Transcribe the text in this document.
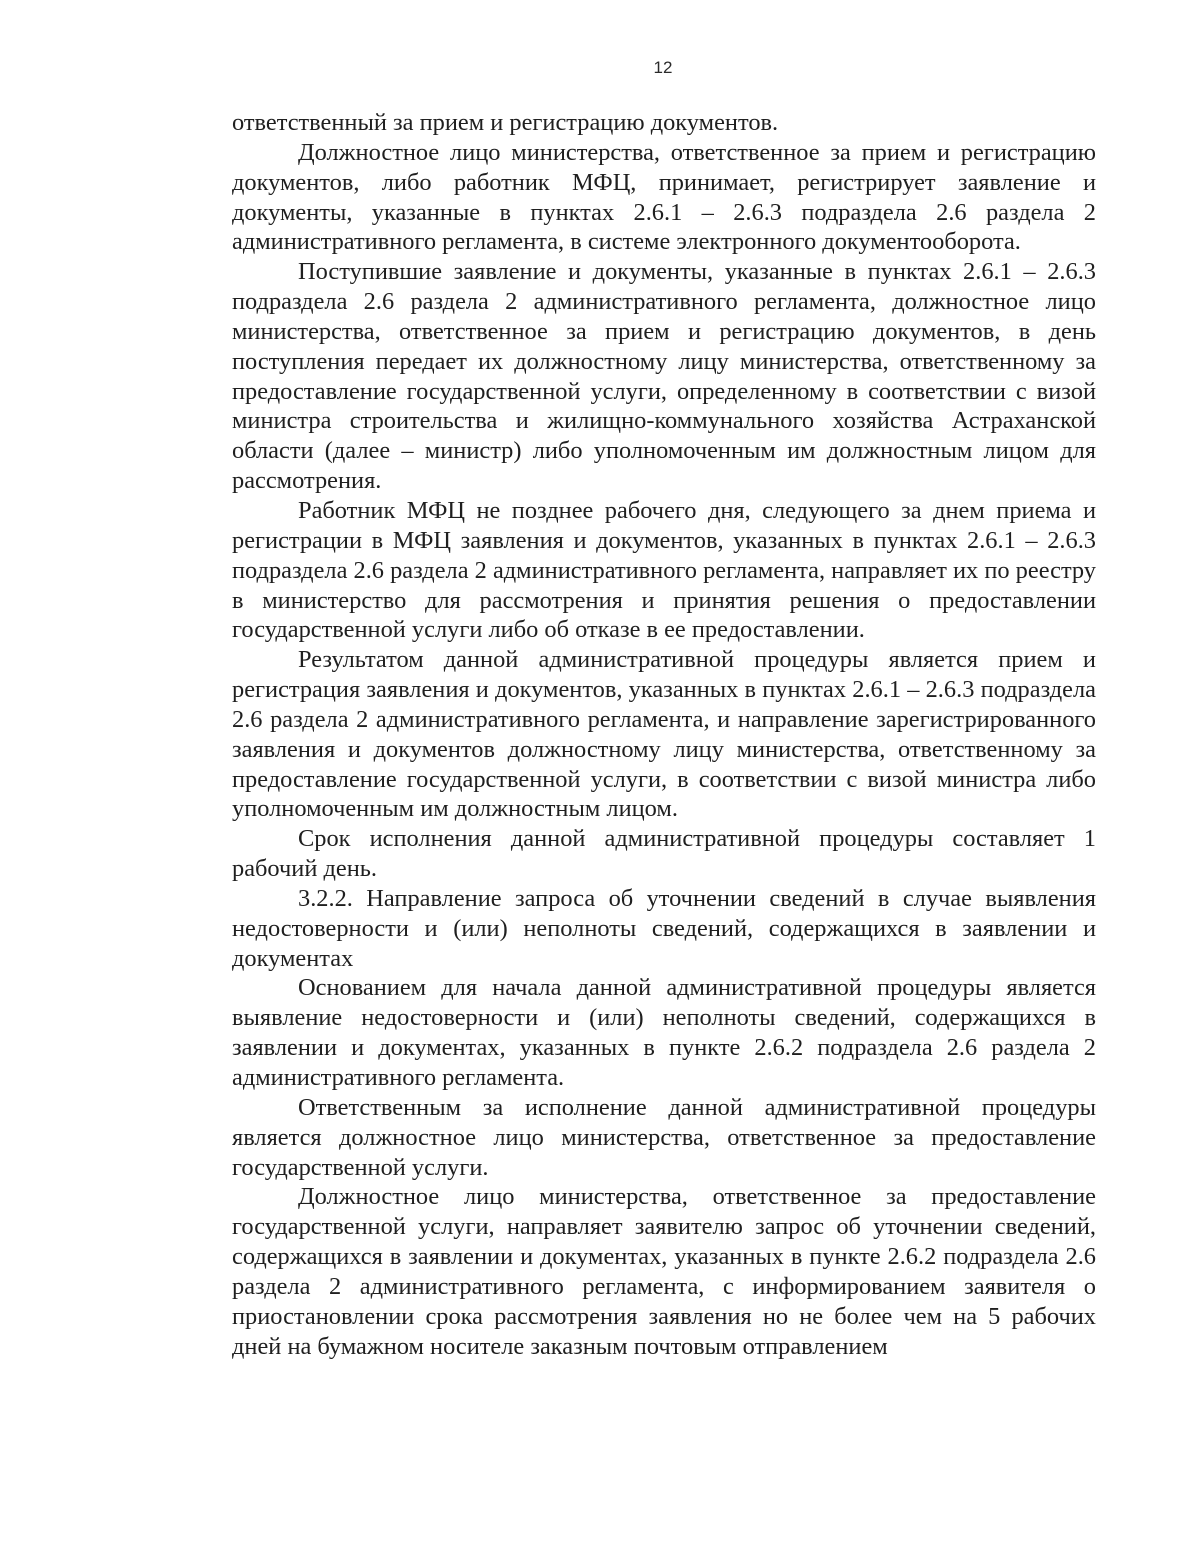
12

ответственный за прием и регистрацию документов.

Должностное лицо министерства, ответственное за прием и регистрацию документов, либо работник МФЦ, принимает, регистрирует заявление и документы, указанные в пунктах 2.6.1 – 2.6.3 подраздела 2.6 раздела 2 административного регламента, в системе электронного документооборота.

Поступившие заявление и документы, указанные в пунктах 2.6.1 – 2.6.3 подраздела 2.6 раздела 2 административного регламента, должностное лицо министерства, ответственное за прием и регистрацию документов, в день поступления передает их должностному лицу министерства, ответственному за предоставление государственной услуги, определенному в соответствии с визой министра строительства и жилищно-коммунального хозяйства Астраханской области (далее – министр) либо уполномоченным им должностным лицом для рассмотрения.

Работник МФЦ не позднее рабочего дня, следующего за днем приема и регистрации в МФЦ заявления и документов, указанных в пунктах 2.6.1 – 2.6.3 подраздела 2.6 раздела 2 административного регламента, направляет их по реестру в министерство для рассмотрения и принятия решения о предоставлении государственной услуги либо об отказе в ее предоставлении.

Результатом данной административной процедуры является прием и регистрация заявления и документов, указанных в пунктах 2.6.1 – 2.6.3 подраздела 2.6 раздела 2 административного регламента, и направление зарегистрированного заявления и документов должностному лицу министерства, ответственному за предоставление государственной услуги, в соответствии с визой министра либо уполномоченным им должностным лицом.

Срок исполнения данной административной процедуры составляет 1 рабочий день.

3.2.2. Направление запроса об уточнении сведений в случае выявления недостоверности и (или) неполноты сведений, содержащихся в заявлении и документах

Основанием для начала данной административной процедуры является выявление недостоверности и (или) неполноты сведений, содержащихся в заявлении и документах, указанных в пункте 2.6.2 подраздела 2.6 раздела 2 административного регламента.

Ответственным за исполнение данной административной процедуры является должностное лицо министерства, ответственное за предоставление государственной услуги.

Должностное лицо министерства, ответственное за предоставление государственной услуги, направляет заявителю запрос об уточнении сведений, содержащихся в заявлении и документах, указанных в пункте 2.6.2 подраздела 2.6 раздела 2 административного регламента, с информированием заявителя о приостановлении срока рассмотрения заявления но не более чем на 5 рабочих дней на бумажном носителе заказным почтовым отправлением
